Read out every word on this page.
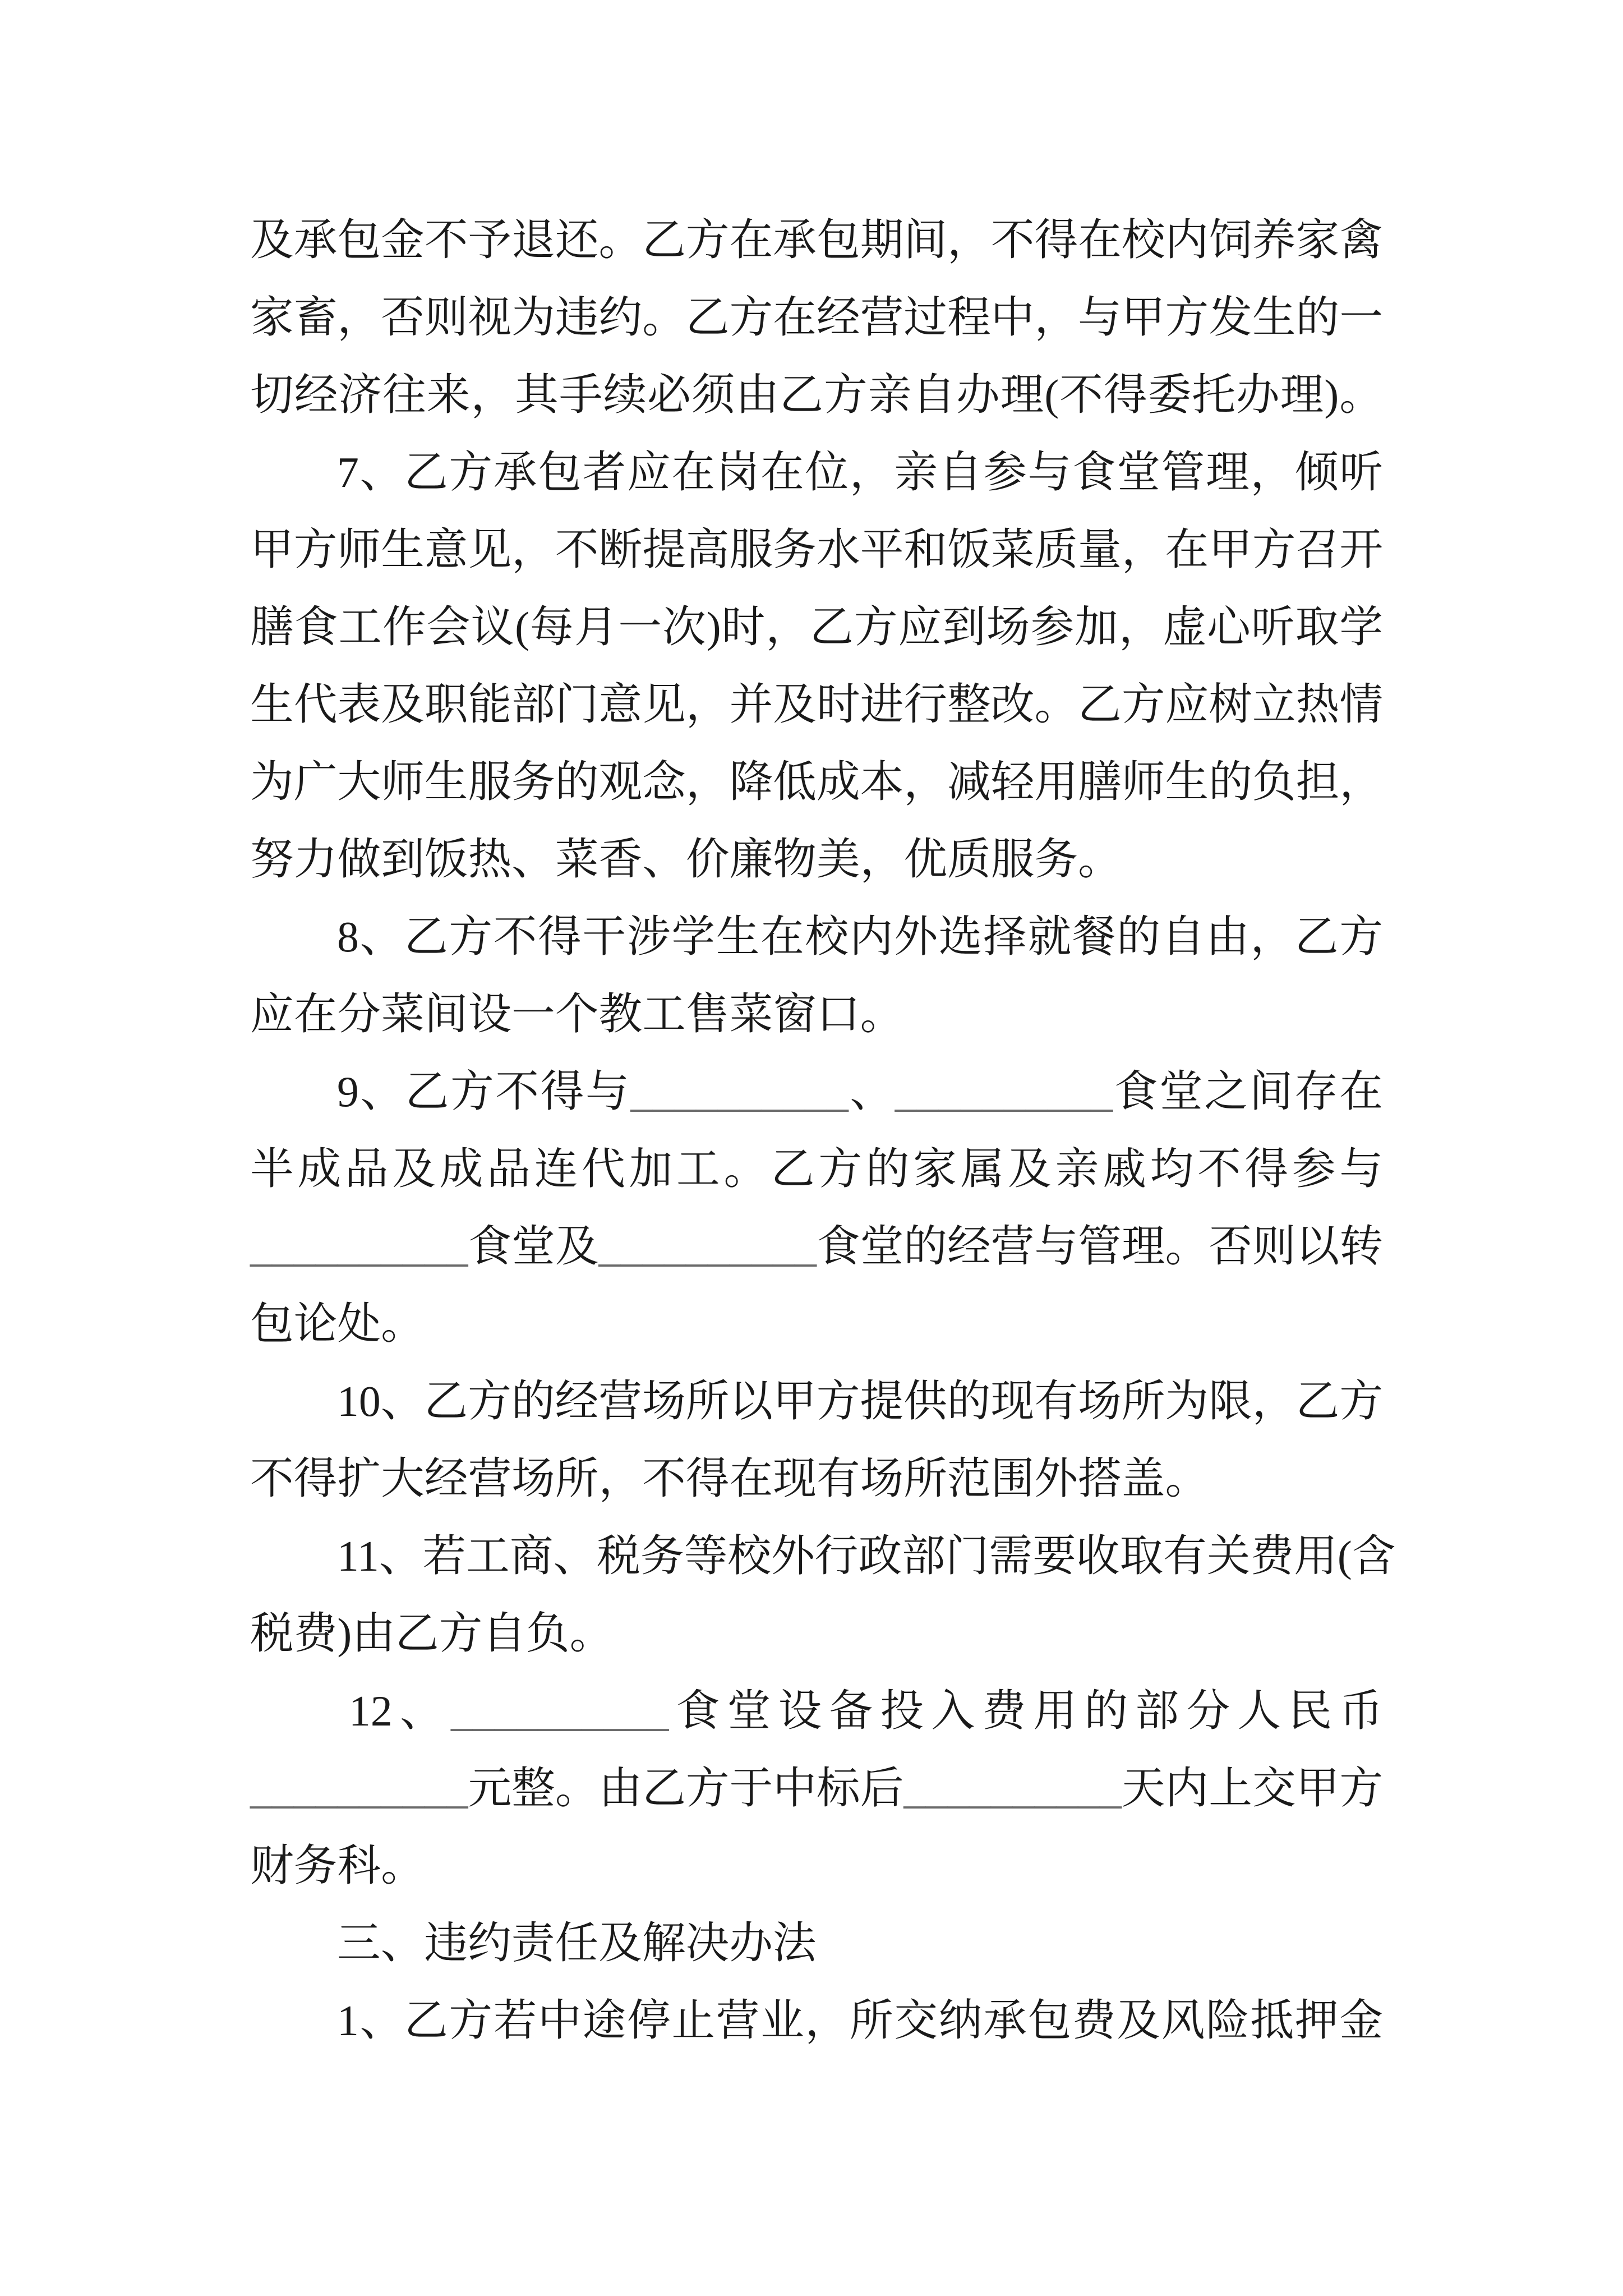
及承包金不予退还。乙方在承包期间，不得在校内饲养家禽
家畜，否则视为违约。乙方在经营过程中，与甲方发生的一
切经济往来，其手续必须由乙方亲自办理(不得委托办理)。
7、乙方承包者应在岗在位，亲自参与食堂管理，倾听
甲方师生意见，不断提高服务水平和饭菜质量，在甲方召开
膳食工作会议(每月一次)时，乙方应到场参加，虚心听取学
生代表及职能部门意见，并及时进行整改。乙方应树立热情
为广大师生服务的观念，降低成本，减轻用膳师生的负担，
努力做到饭热、菜香、价廉物美，优质服务。
8、乙方不得干涉学生在校内外选择就餐的自由，乙方
应在分菜间设一个教工售菜窗口。
9、乙方不得与__________、__________食堂之间存在
半成品及成品连代加工。乙方的家属及亲戚均不得参与
__________食堂及__________食堂的经营与管理。否则以转
包论处。
10、乙方的经营场所以甲方提供的现有场所为限，乙方
不得扩大经营场所，不得在现有场所范围外搭盖。
11、若工商、税务等校外行政部门需要收取有关费用(含
税费)由乙方自负。
12、__________食堂设备投入费用的部分人民币
__________元整。由乙方于中标后__________天内上交甲方
财务科。
三、违约责任及解决办法
1、乙方若中途停止营业，所交纳承包费及风险抵押金
